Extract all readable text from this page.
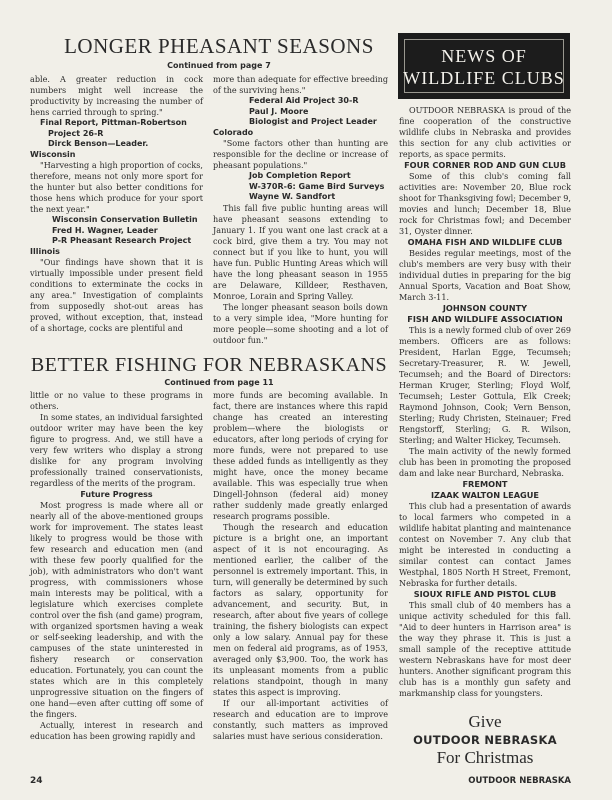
LONGER PHEASANT SEASONS
Continued from page 7

able. A greater reduction in cock numbers might well increase the productivity by increasing the number of hens carried through to spring."

Final Report, Pittman-Robertson
Project 26-R
Dirck Benson—Leader.
Wisconsin

"Harvesting a high proportion of cocks, therefore, means not only more sport for the hunter but also better conditions for those hens which produce for your sport the next year."

Wisconsin Conservation Bulletin
Fred H. Wagner, Leader
P-R Pheasant Research Project
Illinois

"Our findings have shown that it is virtually impossible under present field conditions to exterminate the cocks in any area." Investigation of complaints from supposedly shot-out areas has proved, without exception, that, instead of a shortage, cocks are plentiful and

more than adequate for effective breeding of the surviving hens."

Federal Aid Project 30-R
Paul J. Moore
Biologist and Project Leader
Colorado

"Some factors other than hunting are responsible for the decline or increase of pheasant populations."

Job Completion Report
W-370R-6: Game Bird Surveys
Wayne W. Sandfort

This fall five public hunting areas will have pheasant seasons extending to January 1. If you want one last crack at a cock bird, give them a try. You may not connect but if you like to hunt, you will have fun. Public Hunting Areas which will have the long pheasant season in 1955 are Delaware, Killdeer, Resthaven, Monroe, Lorain and Spring Valley.

The longer pheasant season boils down to a very simple idea, "More hunting for more people—some shooting and a lot of outdoor fun."

BETTER FISHING FOR NEBRASKANS
Continued from page 11

little or no value to these programs in others.

In some states, an individual farsighted outdoor writer may have been the key figure to progress. And, we still have a very few writers who display a strong dislike for any program involving professionally trained conservationists, regardless of the merits of the program.

Future Progress

Most progress is made where all or nearly all of the above-mentioned groups work for improvement. The states least likely to progress would be those with few research and education men (and with these few poorly qualified for the job), with administrators who don't want progress, with commissioners whose main interests may be political, with a legislature which exercises complete control over the fish (and game) program, with organized sportsmen having a weak or self-seeking leadership, and with the campuses of the state uninterested in fishery research or conservation education. Fortunately, you can count the states which are in this completely unprogressive situation on the fingers of one hand—even after cutting off some of the fingers.

Actually, interest in research and education has been growing rapidly and

more funds are becoming available. In fact, there are instances where this rapid change has created an interesting problem—where the biologists or educators, after long periods of crying for more funds, were not prepared to use these added funds as intelligently as they might have, once the money became available. This was especially true when Dingell-Johnson (federal aid) money rather suddenly made greatly enlarged research programs possible.

Though the research and education picture is a bright one, an important aspect of it is not encouraging. As mentioned earlier, the caliber of the personnel is extremely important. This, in turn, will generally be determined by such factors as salary, opportunity for advancement, and security. But, in research, after about five years of college training, the fishery biologists can expect only a low salary. Annual pay for these men on federal aid programs, as of 1953, averaged only $3,900. Too, the work has its unpleasant moments from a public relations standpoint, though in many states this aspect is improving.

If our all-important activities of research and education are to improve constantly, such matters as improved salaries must have serious consideration.

NEWS OF
WILDLIFE CLUBS

OUTDOOR NEBRASKA is proud of the fine cooperation of the constructive wildlife clubs in Nebraska and provides this section for any club activities or reports, as space permits.

FOUR CORNER ROD AND GUN CLUB

Some of this club's coming fall activities are: November 20, Blue rock shoot for Thanksgiving fowl; December 9, movies and lunch; December 18, Blue rock for Christmas fowl; and December 31, Oyster dinner.

OMAHA FISH AND WILDLIFE CLUB

Besides regular meetings, most of the club's members are very busy with their individual duties in preparing for the big Annual Sports, Vacation and Boat Show, March 3-11.

JOHNSON COUNTY
FISH AND WILDLIFE ASSOCIATION

This is a newly formed club of over 269 members. Officers are as follows: President, Harlan Egge, Tecumseh; Secretary-Treasurer, R. W. Jewell, Tecumseh; and the Board of Directors: Herman Kruger, Sterling; Floyd Wolf, Tecumseh; Lester Gottula, Elk Creek; Raymond Johnson, Cook; Vern Benson, Sterling; Rudy Christen, Steinauer; Fred Rengstorff, Sterling; G. R. Wilson, Sterling; and Walter Hickey, Tecumseh.

The main activity of the newly formed club has been in promoting the proposed dam and lake near Burchard, Nebraska.

FREMONT
IZAAK WALTON LEAGUE

This club had a presentation of awards to local farmers who competed in a wildlife habitat planting and maintenance contest on November 7. Any club that might be interested in conducting a similar contest can contact James Westphal, 1805 North H Street, Fremont, Nebraska for further details.

SIOUX RIFLE AND PISTOL CLUB

This small club of 40 members has a unique activity scheduled for this fall. "Aid to deer hunters in Harrison area" is the way they phrase it. This is just a small sample of the receptive attitude western Nebraskans have for most deer hunters. Another significant program this club has is a monthly gun safety and markmanship class for youngsters.

Give
OUTDOOR NEBRASKA
For Christmas
24	OUTDOOR NEBRASKA
